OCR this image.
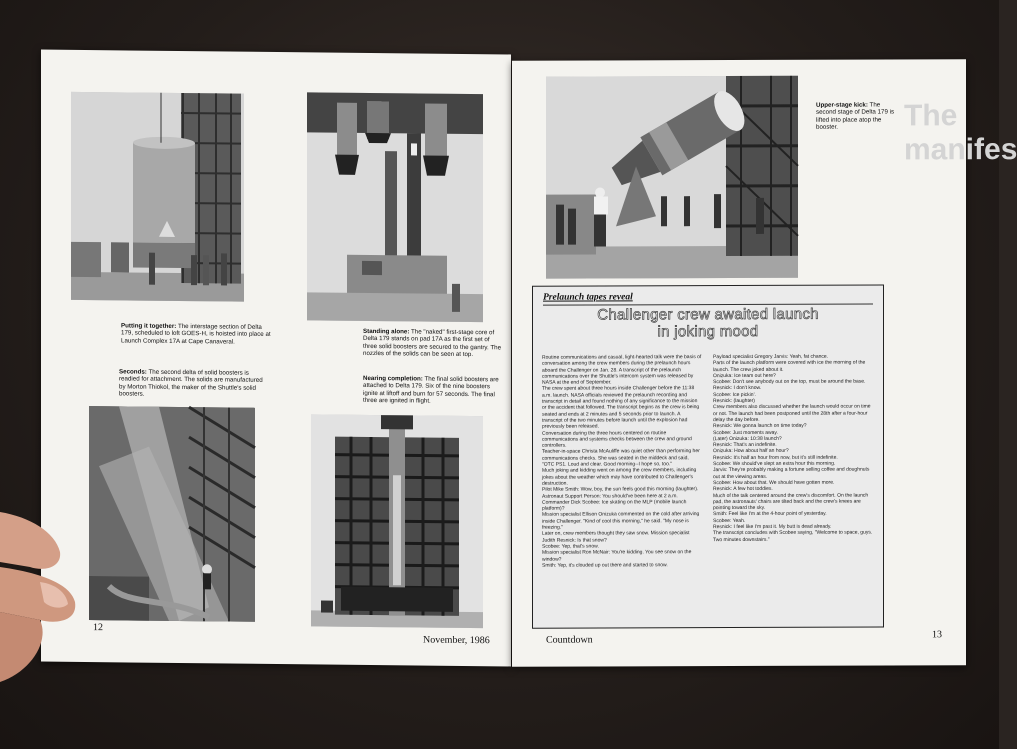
Putting it together: The interstage section of Delta 179, scheduled to loft GOES-H, is hoisted into place at Launch Complex 17A at Cape Canaveral.
Seconds: The second delta of solid boosters is readied for attachment. The solids are manufactured by Morton Thiokol, the maker of the Shuttle's solid boosters.
Standing alone: The "naked" first-stage core of Delta 179 stands on pad 17A as the first set of three solid boosters are secured to the gantry. The nozzles of the solids can be seen at top.
Nearing completion: The final solid boosters are attached to Delta 179. Six of the nine boosters ignite at liftoff and burn for 57 seconds. The final three are ignited in flight.
12
November, 1986
The
manifes
Upper-stage kick: The second stage of Delta 179 is lifted into place atop the booster.
Prelaunch tapes reveal
Challenger crew awaited launch
in joking mood

Routine communications and casual, light-hearted talk were the basis of conversation among the crew members during the prelaunch hours aboard the Challenger on Jan. 28. A transcript of the prelaunch communications over the Shuttle's intercom system was released by NASA at the end of September.

The crew spent about three hours inside Challenger before the 11:38 a.m. launch. NASA officials reviewed the prelaunch recording and transcript in detail and found nothing of any significance to the mission or the accident that followed. The transcript begins as the crew is being seated and ends at 2 minutes and 5 seconds prior to launch. A transcript of the two minutes before launch until the explosion had previously been released.

Conversation during the three hours centered on routine communications and systems checks between the crew and ground controllers.

Teacher-in-space Christa McAuliffe was quiet other than performing her communications checks. She was seated in the middeck and said, "OTC PS1. Loud and clear. Good morning--I hope so, too."

Much joking and kidding went on among the crew members, including jokes about the weather which may have contributed to Challenger's destruction.

Pilot Mike Smith: Wow, boy, the sun feels good this morning (laughter).

Astronaut Support Person: You should've been here at 2 a.m.

Commander Dick Scobee: Ice skating on the MLP (mobile launch platform)?

Mission specialist Ellison Onizuka commented on the cold after arriving inside Challenger. "Kind of cool this morning," he said. "My nose is freezing."

Later on, crew members thought they saw snow. Mission specialist Judith Resnick: Is that snow?

Scobee: Yep, that's snow.

Mission specialist Ron McNair: You're kidding. You see snow on the window?

Smith: Yep, it's clouded up out there and started to snow.

Payload specialist Gregory Jarvis: Yeah, fat chance.

Parts of the launch platform were covered with ice the morning of the launch. The crew joked about it.

Onizuka: Ice team out here?

Scobee: Don't see anybody out on the top, must be around the base.

Resnick: I don't know.

Scobee: Ice pickin'.

Resnick: (laughter)

Crew members also discussed whether the launch would occur on time or not. The launch had been postponed until the 28th after a four-hour delay the day before.

Resnick: We gonna launch on time today?

Scobee: Just moments away.

(Later) Onizuka: 10:38 launch?

Resnick: That's an indefinite.

Onizuka: How about half an hour?

Resnick: It's half an hour from now, but it's still indefinite.

Scobee: We should've slept an extra hour this morning.

Jarvis: They're probably making a fortune selling coffee and doughnuts out at the viewing areas.

Scobee: How about that. We should have gotten more.

Resnick: A few hot toddies.

Much of the talk centered around the crew's discomfort. On the launch pad, the astronauts' chairs are tilted back and the crew's knees are pointing toward the sky.

Smith: Feel like I'm at the 4-hour point of yesterday.

Scobee: Yeah.

Resnick: I feel like I'm past it. My butt is dead already.

The transcript concludes with Scobee saying, "Welcome to space, guys. Two minutes downstairs."

Countdown	13
